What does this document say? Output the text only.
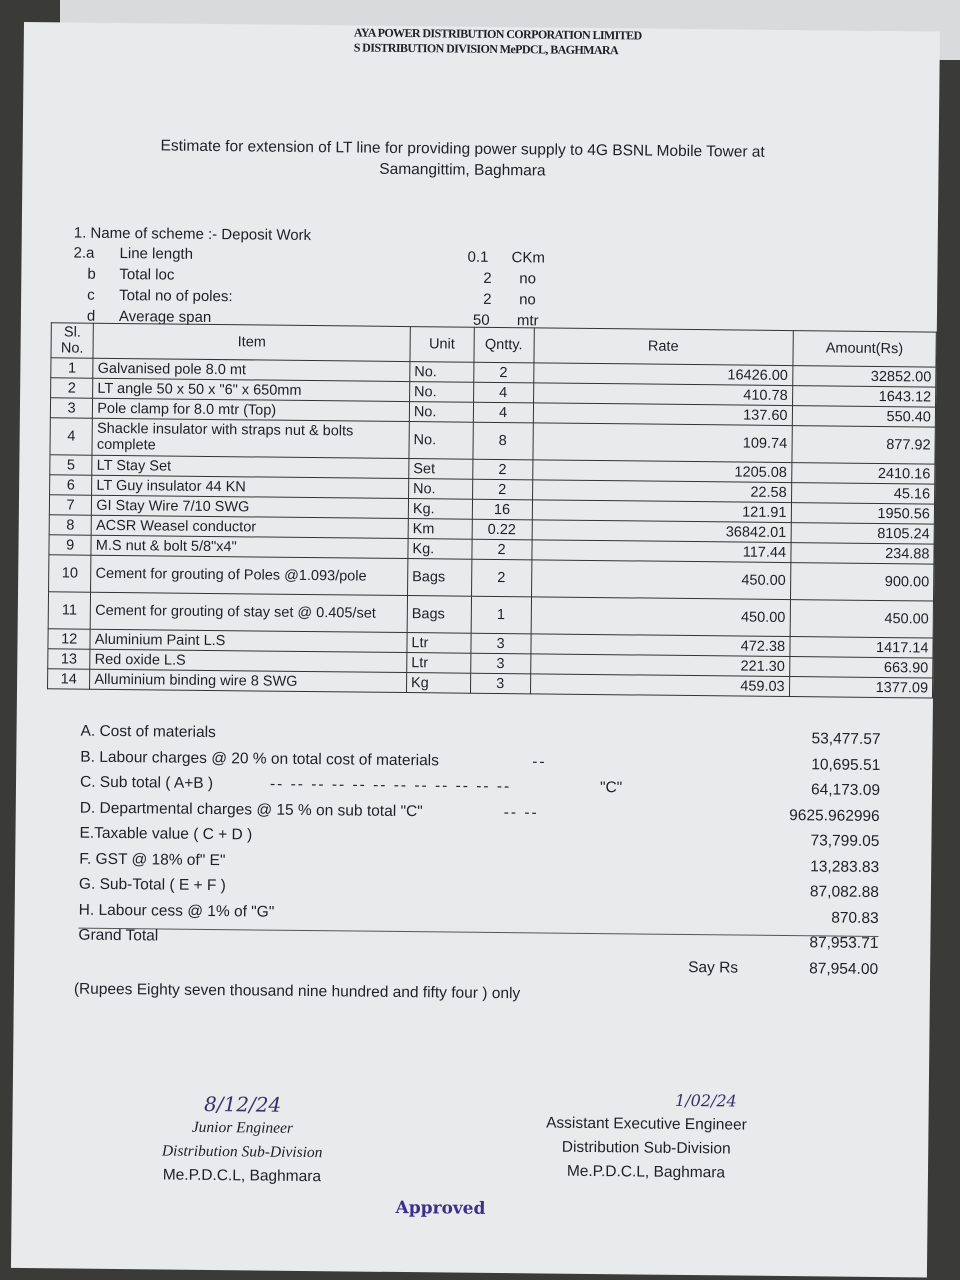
AYA POWER DISTRIBUTION CORPORATION LIMITED
S DISTRIBUTION DIVISION MePDCL, BAGHMARA
Estimate for extension of LT line for providing power supply to 4G BSNL Mobile Tower at
Samangittim, Baghmara
1. Name of scheme :- Deposit Work
2.a Line length	0.1 CKm
b Total loc	2 no
c Total no of poles:	2 no
d Average span	50 mtr
Sl. No.	Item	Unit	Qntty.	Rate	Amount(Rs)
1	Galvanised pole 8.0 mt	No.	2	16426.00	32852.00
2	LT angle 50 x 50 x "6" x 650mm	No.	4	410.78	1643.12
3	Pole clamp for 8.0 mtr (Top)	No.	4	137.60	550.40
4	Shackle insulator with straps nut & bolts complete	No.	8	109.74	877.92
5	LT Stay Set	Set	2	1205.08	2410.16
6	LT Guy insulator 44 KN	No.	2	22.58	45.16
7	GI Stay Wire 7/10 SWG	Kg.	16	121.91	1950.56
8	ACSR Weasel conductor	Km	0.22	36842.01	8105.24
9	M.S nut & bolt 5/8"x4"	Kg.	2	117.44	234.88
10	Cement for grouting of Poles @1.093/pole	Bags	2	450.00	900.00
11	Cement for grouting of stay set @ 0.405/set	Bags	1	450.00	450.00
12	Aluminium Paint L.S	Ltr	3	472.38	1417.14
13	Red oxide L.S	Ltr	3	221.30	663.90
14	Alluminium binding wire 8 SWG	Kg	3	459.03	1377.09
A. Cost of materials	53,477.57
B. Labour charges @ 20 % on total cost of materials	--	10,695.51
C. Sub total ( A+B )	-- -- -- -- -- -- -- -- -- -- -- --	"C"	64,173.09
D. Departmental charges @ 15 % on sub total "C"	-- --	9625.962996
E.Taxable value ( C + D )	73,799.05
F. GST @ 18% of" E"	13,283.83
G. Sub-Total ( E + F )	87,082.88
H. Labour cess @ 1% of "G"	870.83
Grand Total	87,953.71
Say Rs	87,954.00
(Rupees Eighty seven thousand nine hundred and fifty four ) only
8/12/24
Junior Engineer
Distribution Sub-Division
Me.P.D.C.L, Baghmara
1/02/24
Assistant Executive Engineer
Distribution Sub-Division
Me.P.D.C.L, Baghmara
Approved
